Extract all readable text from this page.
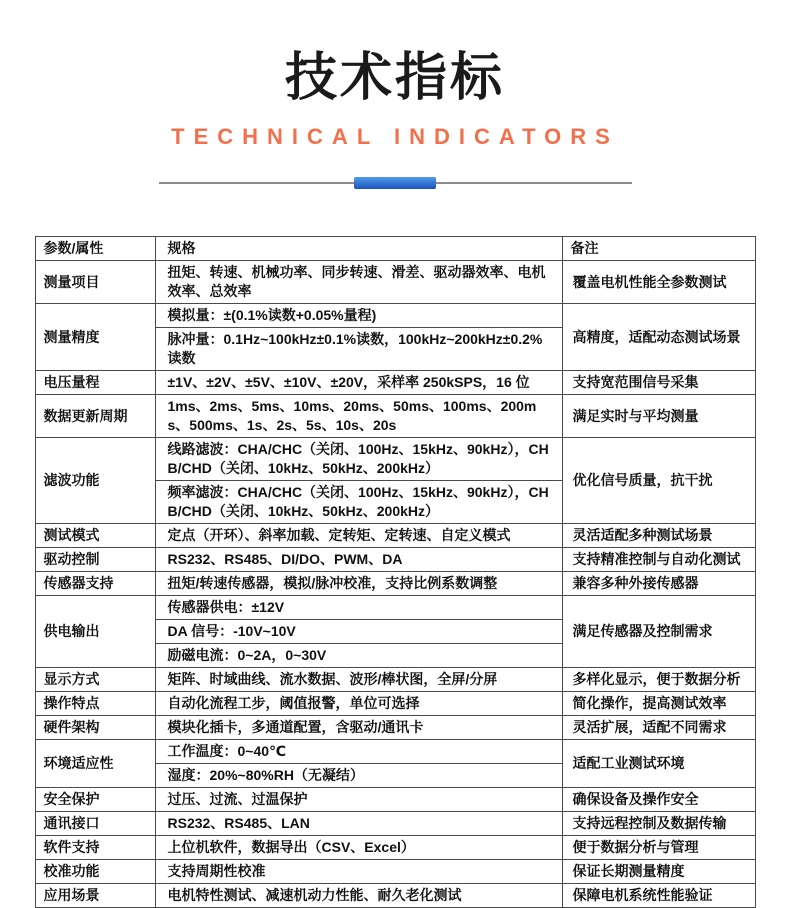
技术指标
TECHNICAL INDICATORS
参数/属性	规格	备注
测量项目	扭矩、转速、机械功率、同步转速、滑差、驱动器效率、电机效率、总效率	覆盖电机性能全参数测试
测量精度	模拟量：±(0.1%读数+0.05%量程)	高精度，适配动态测试场景
	脉冲量：0.1Hz~100kHz±0.1%读数，100kHz~200kHz±0.2%读数	
电压量程	±1V、±2V、±5V、±10V、±20V，采样率 250kSPS，16 位	支持宽范围信号采集
数据更新周期	1ms、2ms、5ms、10ms、20ms、50ms、100ms、200ms、500ms、1s、2s、5s、10s、20s	满足实时与平均测量
滤波功能	线路滤波：CHA/CHC（关闭、100Hz、15kHz、90kHz），CHB/CHD（关闭、10kHz、50kHz、200kHz）	优化信号质量，抗干扰
	频率滤波：CHA/CHC（关闭、100Hz、15kHz、90kHz），CHB/CHD（关闭、10kHz、50kHz、200kHz）	
测试模式	定点（开环）、斜率加载、定转矩、定转速、自定义模式	灵活适配多种测试场景
驱动控制	RS232、RS485、DI/DO、PWM、DA	支持精准控制与自动化测试
传感器支持	扭矩/转速传感器，模拟/脉冲校准，支持比例系数调整	兼容多种外接传感器
供电输出	传感器供电：±12V	满足传感器及控制需求
	DA 信号：-10V~10V	
	励磁电流：0~2A，0~30V	
显示方式	矩阵、时域曲线、流水数据、波形/棒状图，全屏/分屏	多样化显示，便于数据分析
操作特点	自动化流程工步，阈值报警，单位可选择	简化操作，提高测试效率
硬件架构	模块化插卡，多通道配置，含驱动/通讯卡	灵活扩展，适配不同需求
环境适应性	工作温度：0~40℃	适配工业测试环境
	湿度：20%~80%RH（无凝结）	
安全保护	过压、过流、过温保护	确保设备及操作安全
通讯接口	RS232、RS485、LAN	支持远程控制及数据传输
软件支持	上位机软件，数据导出（CSV、Excel）	便于数据分析与管理
校准功能	支持周期性校准	保证长期测量精度
应用场景	电机特性测试、减速机动力性能、耐久老化测试	保障电机系统性能验证
